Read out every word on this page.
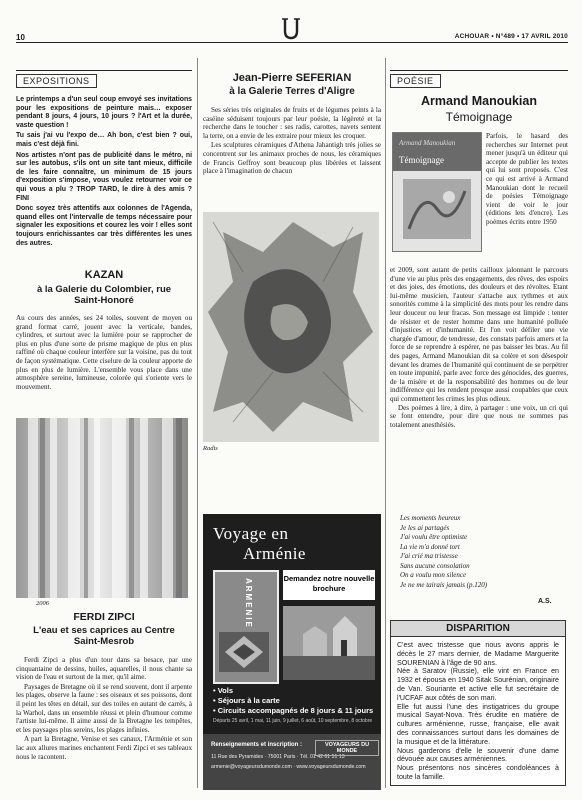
10	ACHOUAR • N°489 • 17 AVRIL 2010
EXPOSITIONS

Le printemps a d'un seul coup envoyé ses invitations pour les expositions de peinture mais… exposer pendant 8 jours, 4 jours, 10 jours ? l'Art et la durée, vaste question !

Tu sais j'ai vu l'expo de… Ah bon, c'est bien ? oui, mais c'est déjà fini.

Nos artistes n'ont pas de publicité dans le métro, ni sur les autobus, s'ils ont un site tant mieux, difficile de les faire connaître, un minimum de 15 jours d'exposition s'impose, vous voulez retourner voir ce qui vous a plu ? TROP TARD, le dire à des amis ? FINI

Donc soyez très attentifs aux colonnes de l'Agenda, quand elles ont l'intervalle de temps nécessaire pour signaler les expositions et courez les voir ! elles sont toujours enrichissantes car très différentes les unes des autres.

KAZAN
à la Galerie du Colombier, rue Saint-Honoré

Au cours des années, ses 24 toiles, souvent de moyen ou grand format carré, jouent avec la verticale, bandes, cylindres, et surtout avec la lumière pour se rapprocher de plus en plus d'une sorte de prisme magique de plus en plus raffiné où chaque couleur interfère sur la voisine, pas du tout de façon systématique. Cette ciselure de la couleur apporte de plus en plus de lumière. L'ensemble vous place dans une atmosphère sereine, lumineuse, colorée qui s'oriente vers le mouvement.

2006
FERDI ZIPCI
L'eau et ses caprices au Centre Saint-Mesrob

Ferdi Zipci a plus d'un tour dans sa besace, par une cinquantaine de dessins, huiles, aquarelles, il nous chante sa vision de l'eau et surtout de la mer, qu'il aime.

Paysages de Bretagne où il se rend souvent, dont il arpente les plages, observe la faune : ses oiseaux et ses poissons, dont il peint les têtes en détail, sur des toiles en autant de carrés, à la Warhol, dans un ensemble réussi et plein d'humour comme l'artiste lui-même. Il aime aussi de la Bretagne les tempêtes, et les paysages plus sereins, les plages infinies.

A part la Bretagne, Venise et ses canaux, l'Arménie et son lac aux allures marines enchantent Ferdi Zipci et ses tableaux nous le racontent.

Jean-Pierre SEFERIAN
à la Galerie Terres d'Aligre

Ses séries très originales de fruits et de légumes peints à la caséine séduisent toujours par leur poésie, la légèreté et la recherche dans le toucher : ses radis, carottes, navets sentent la terre, on a envie de les extraire pour mieux les croquer.

Les sculptures céramiques d'Athena Jahantigh très jolies se concentrent sur les animaux proches de nous, les céramiques de Francis Geffroy sont beaucoup plus libérées et laissent place à l'imagination de chacun

Radis
Voyage en
Arménie
ARMENIE	Demandez notre nouvelle brochure
• Vols
• Séjours à la carte
• Circuits accompagnés de 8 jours & 11 jours
Départs 25 avril, 1 mai, 11 juin, 9 juillet, 6 août, 10 septembre, 8 octobre
Renseignements et inscription :
11 Rue des Pyramides · 75001 Paris · Tél. 01 42 61 51 13
armenie@voyageursdumonde.com · www.voyageursdumonde.com
VOYAGEURS DU MONDE
POÉSIE
Armand Manoukian
Témoignage
Armand Manoukian
Témoignage

Parfois, le hasard des recherches sur Internet peut mener jusqu'à un éditeur qui accepte de publier les textes qui lui sont proposés. C'est ce qui est arrivé à Armand Manoukian dont le recueil de poésies Témoignage vient de voir le jour (éditions lets d'encre). Les poèmes écrits entre 1950

et 2009, sont autant de petits cailloux jalonnant le parcours d'une vie au plus près des engagements, des rêves, des espoirs et des joies, des émotions, des douleurs et des révoltes. Etant lui-même musicien, l'auteur s'attache aux rythmes et aux sonorités comme à la simplicité des mots pour les rendre dans leur douceur ou leur fracas. Son message est limpide : tenter de résister et de rester homme dans une humanité polluée d'injustices et d'inhumanité. Et l'on voit défiler une vie chargée d'amour, de tendresse, des constats parfois amers et la force de se reprendre à espérer, ne pas baisser les bras. Au fil des pages, Armand Manoukian dit sa colère et son désespoir devant les drames de l'humanité qui continuent de se perpétrer en toute impunité, parle avec force des génocides, des guerres, de la misère et de la responsabilité des hommes ou de leur indifférence qui les rendent presque aussi coupables que ceux qui commettent les crimes les plus odieux.

Des poèmes à lire, à dire, à partager : une voix, un cri qui se font entendre, pour dire que nous ne sommes pas totalement anesthésiés.

Les moments heureux
Je les ai partagés
J'ai voulu être optimiste
La vie m'a donné tort
J'ai crié ma tristesse
Sans aucune consolation
On a voulu mon silence
Je ne me tairais jamais (p.120)
A.S.
DISPARITION
C'est avec tristesse que nous avons appris le décès le 27 mars dernier, de Madame Marguerite SOURENIAN à l'âge de 90 ans.
Née à Saratov (Russie), elle vint en France en 1932 et épousa en 1940 Sitak Sourénian, originaire de Van. Souriante et active elle fut secrétaire de l'UCFAF aux côtés de son mari.
Elle fut aussi l'une des instigatrices du groupe musical Sayat-Nova. Très érudite en matière de cultures arménienne, russe, française, elle avait des connaissances surtout dans les domaines de la musique et de la littérature.
Nous garderons d'elle le souvenir d'une dame dévouée aux causes arméniennes.
Nous présentons nos sincères condoléances à toute la famille.
